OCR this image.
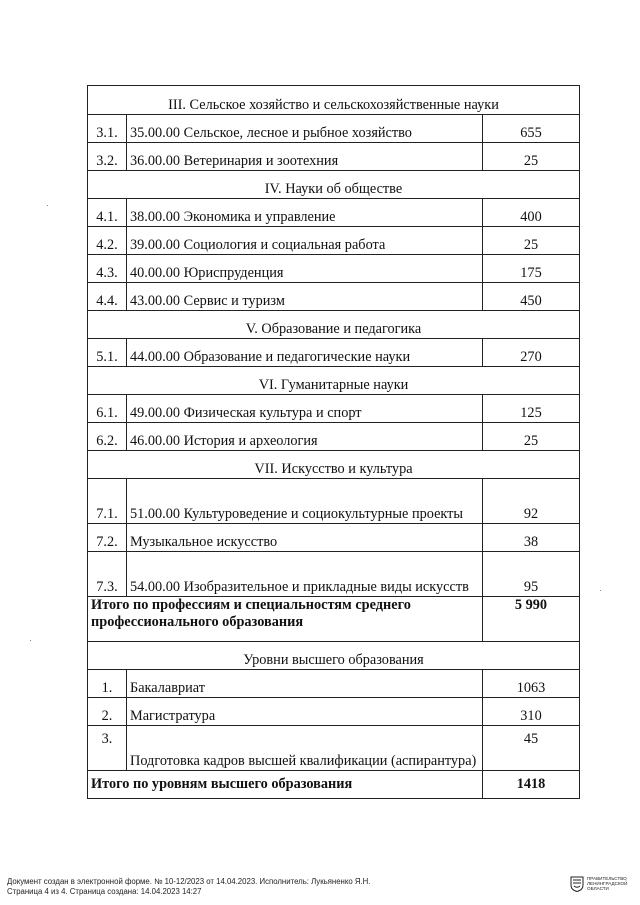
III. Сельское хозяйство и сельскохозяйственные науки		
3.1.	35.00.00 Сельское, лесное и рыбное хозяйство	655
3.2.	36.00.00 Ветеринария и зоотехния	25
IV. Науки об обществе		
4.1.	38.00.00 Экономика и управление	400
4.2.	39.00.00 Социология и социальная работа	25
4.3.	40.00.00 Юриспруденция	175
4.4.	43.00.00 Сервис и туризм	450
V. Образование и педагогика		
5.1.	44.00.00 Образование и педагогические науки	270
VI. Гуманитарные науки		
6.1.	49.00.00 Физическая культура и спорт	125
6.2.	46.00.00 История и археология	25
VII. Искусство и культура		
7.1.	51.00.00 Культуроведение и социокультурные проекты	92
7.2.	Музыкальное искусство	38
7.3.	54.00.00 Изобразительное и прикладные виды искусств	95
Итого по профессиям и специальностям среднего профессионального образования		5 990
Уровни высшего образования		
1.	Бакалавриат	1063
2.	Магистратура	310
3.	Подготовка кадров высшей квалификации (аспирантура)	45
Итого по уровням высшего образования		1418
Документ создан в электронной форме. № 10-12/2023 от 14.04.2023. Исполнитель: Лукьяненко Я.Н.
Страница 4 из 4. Страница создана: 14.04.2023 14:27
ПРАВИТЕЛЬСТВО ЛЕНИНГРАДСКОЙ ОБЛАСТИ
